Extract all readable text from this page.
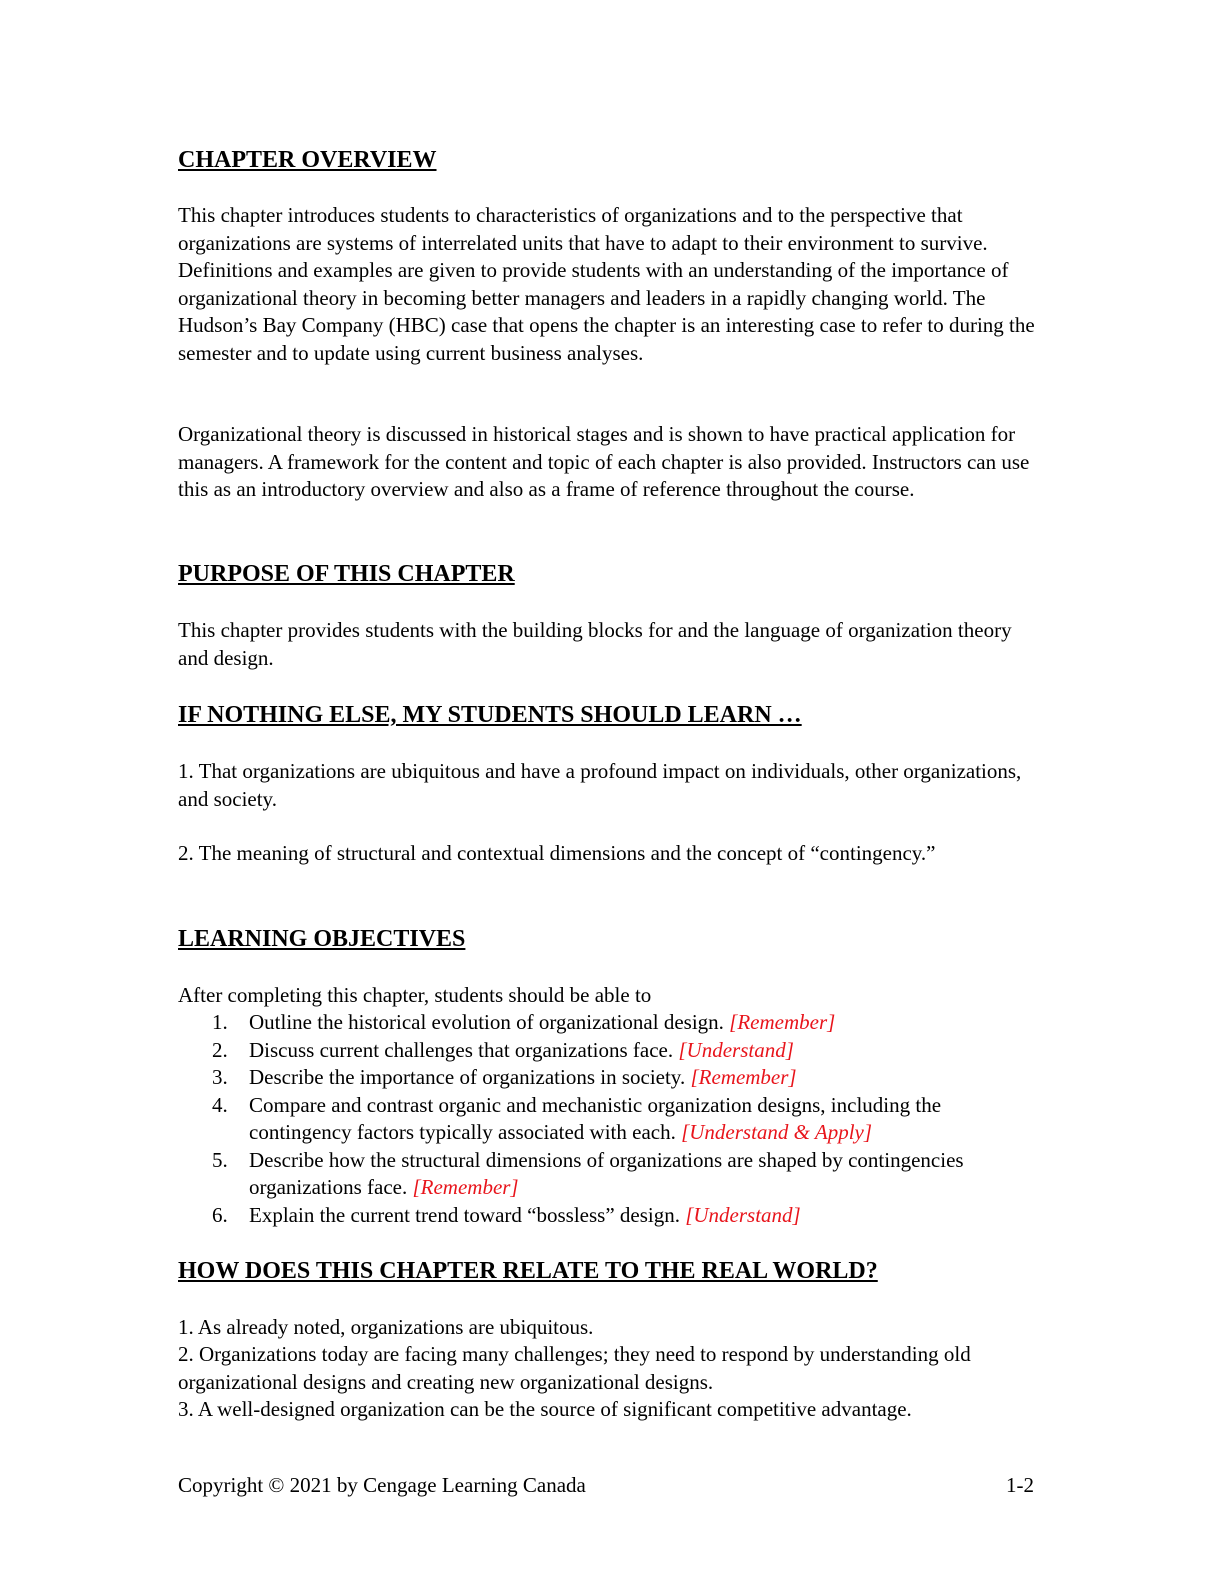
CHAPTER OVERVIEW

This chapter introduces students to characteristics of organizations and to the perspective that organizations are systems of interrelated units that have to adapt to their environment to survive. Definitions and examples are given to provide students with an understanding of the importance of organizational theory in becoming better managers and leaders in a rapidly changing world. The Hudson’s Bay Company (HBC) case that opens the chapter is an interesting case to refer to during the semester and to update using current business analyses.

Organizational theory is discussed in historical stages and is shown to have practical application for managers. A framework for the content and topic of each chapter is also provided. Instructors can use this as an introductory overview and also as a frame of reference throughout the course.

PURPOSE OF THIS CHAPTER

This chapter provides students with the building blocks for and the language of organization theory and design.

IF NOTHING ELSE, MY STUDENTS SHOULD LEARN …

1. That organizations are ubiquitous and have a profound impact on individuals, other organizations, and society.

2. The meaning of structural and contextual dimensions and the concept of “contingency.”

LEARNING OBJECTIVES

After completing this chapter, students should be able to

1. Outline the historical evolution of organizational design. [Remember]
2. Discuss current challenges that organizations face. [Understand]
3. Describe the importance of organizations in society. [Remember]
4. Compare and contrast organic and mechanistic organization designs, including the contingency factors typically associated with each. [Understand & Apply]
5. Describe how the structural dimensions of organizations are shaped by contingencies organizations face. [Remember]
6. Explain the current trend toward “bossless” design. [Understand]
HOW DOES THIS CHAPTER RELATE TO THE REAL WORLD?

1. As already noted, organizations are ubiquitous.

2. Organizations today are facing many challenges; they need to respond by understanding old organizational designs and creating new organizational designs.

3. A well-designed organization can be the source of significant competitive advantage.

Copyright © 2021 by Cengage Learning Canada	1-2
